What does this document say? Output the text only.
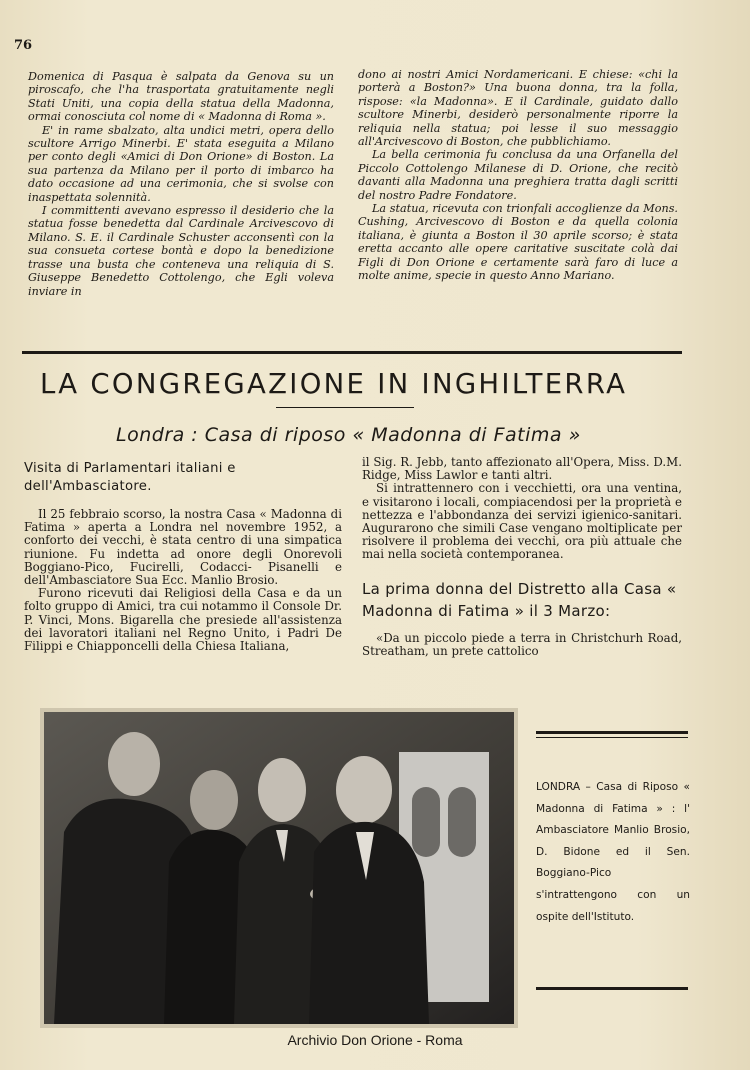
76

Domenica di Pasqua è salpata da Genova su un piroscafo, che l'ha trasportata gratuitamente negli Stati Uniti, una copia della statua della Madonna, ormai conosciuta col nome di « Madonna di Roma ».

E' in rame sbalzato, alta undici metri, opera dello scultore Arrigo Minerbi. E' stata eseguita a Milano per conto degli «Amici di Don Orione» di Boston. La sua partenza da Milano per il porto di imbarco ha dato occasione ad una cerimonia, che si svolse con inaspettata solennità.

I committenti avevano espresso il desiderio che la statua fosse benedetta dal Cardinale Arcivescovo di Milano. S. E. il Cardinale Schuster acconsentì con la sua consueta cortese bontà e dopo la benedizione trasse una busta che conteneva una reliquia di S. Giuseppe Benedetto Cottolengo, che Egli voleva inviare in

dono ai nostri Amici Nordamericani. E chiese: «chi la porterà a Boston?» Una buona donna, tra la folla, rispose: «la Madonna». E il Cardinale, guidato dallo scultore Minerbi, desiderò personalmente riporre la reliquia nella statua; poi lesse il suo messaggio all'Arcivescovo di Boston, che pubblichiamo.

La bella cerimonia fu conclusa da una Orfanella del Piccolo Cottolengo Milanese di D. Orione, che recitò davanti alla Madonna una preghiera tratta dagli scritti del nostro Padre Fondatore.

La statua, ricevuta con trionfali accoglienze da Mons. Cushing, Arcivescovo di Boston e da quella colonia italiana, è giunta a Boston il 30 aprile scorso; è stata eretta accanto alle opere caritative suscitate colà dai Figli di Don Orione e certamente sarà faro di luce a molte anime, specie in questo Anno Mariano.

LA CONGREGAZIONE IN INGHILTERRA
Londra : Casa di riposo « Madonna di Fatima »

Visita di Parlamentari italiani e dell'Ambasciatore.

Il 25 febbraio scorso, la nostra Casa « Madonna di Fatima » aperta a Londra nel novembre 1952, a conforto dei vecchi, è stata centro di una simpatica riunione. Fu indetta ad onore degli Onorevoli Boggiano-Pico, Fucirelli, Codacci- Pisanelli e dell'Ambasciatore Sua Ecc. Manlio Brosio.

Furono ricevuti dai Religiosi della Casa e da un folto gruppo di Amici, tra cui notammo il Console Dr. P. Vinci, Mons. Bigarella che presiede all'assistenza dei lavoratori italiani nel Regno Unito, i Padri De Filippi e Chiapponcelli della Chiesa Italiana,

il Sig. R. Jebb, tanto affezionato all'Opera, Miss. D.M. Ridge, Miss Lawlor e tanti altri.

Si intrattennero con i vecchietti, ora una ventina, e visitarono i locali, compiacendosi per la proprietà e nettezza e l'abbondanza dei servizi igienico-sanitari. Augurarono che simili Case vengano moltiplicate per risolvere il problema dei vecchi, ora più attuale che mai nella società contemporanea.

La prima donna del Distretto alla Casa « Madonna di Fatima » il 3 Marzo:

«Da un piccolo piede a terra in Christchurh Road, Streatham, un prete cattolico

LONDRA – Casa di Riposo « Madonna di Fatima » : l' Ambasciatore Manlio Brosio, D. Bidone ed il Sen. Boggiano-Pico s'intrattengono con un ospite dell'Istituto.
Archivio Don Orione - Roma
